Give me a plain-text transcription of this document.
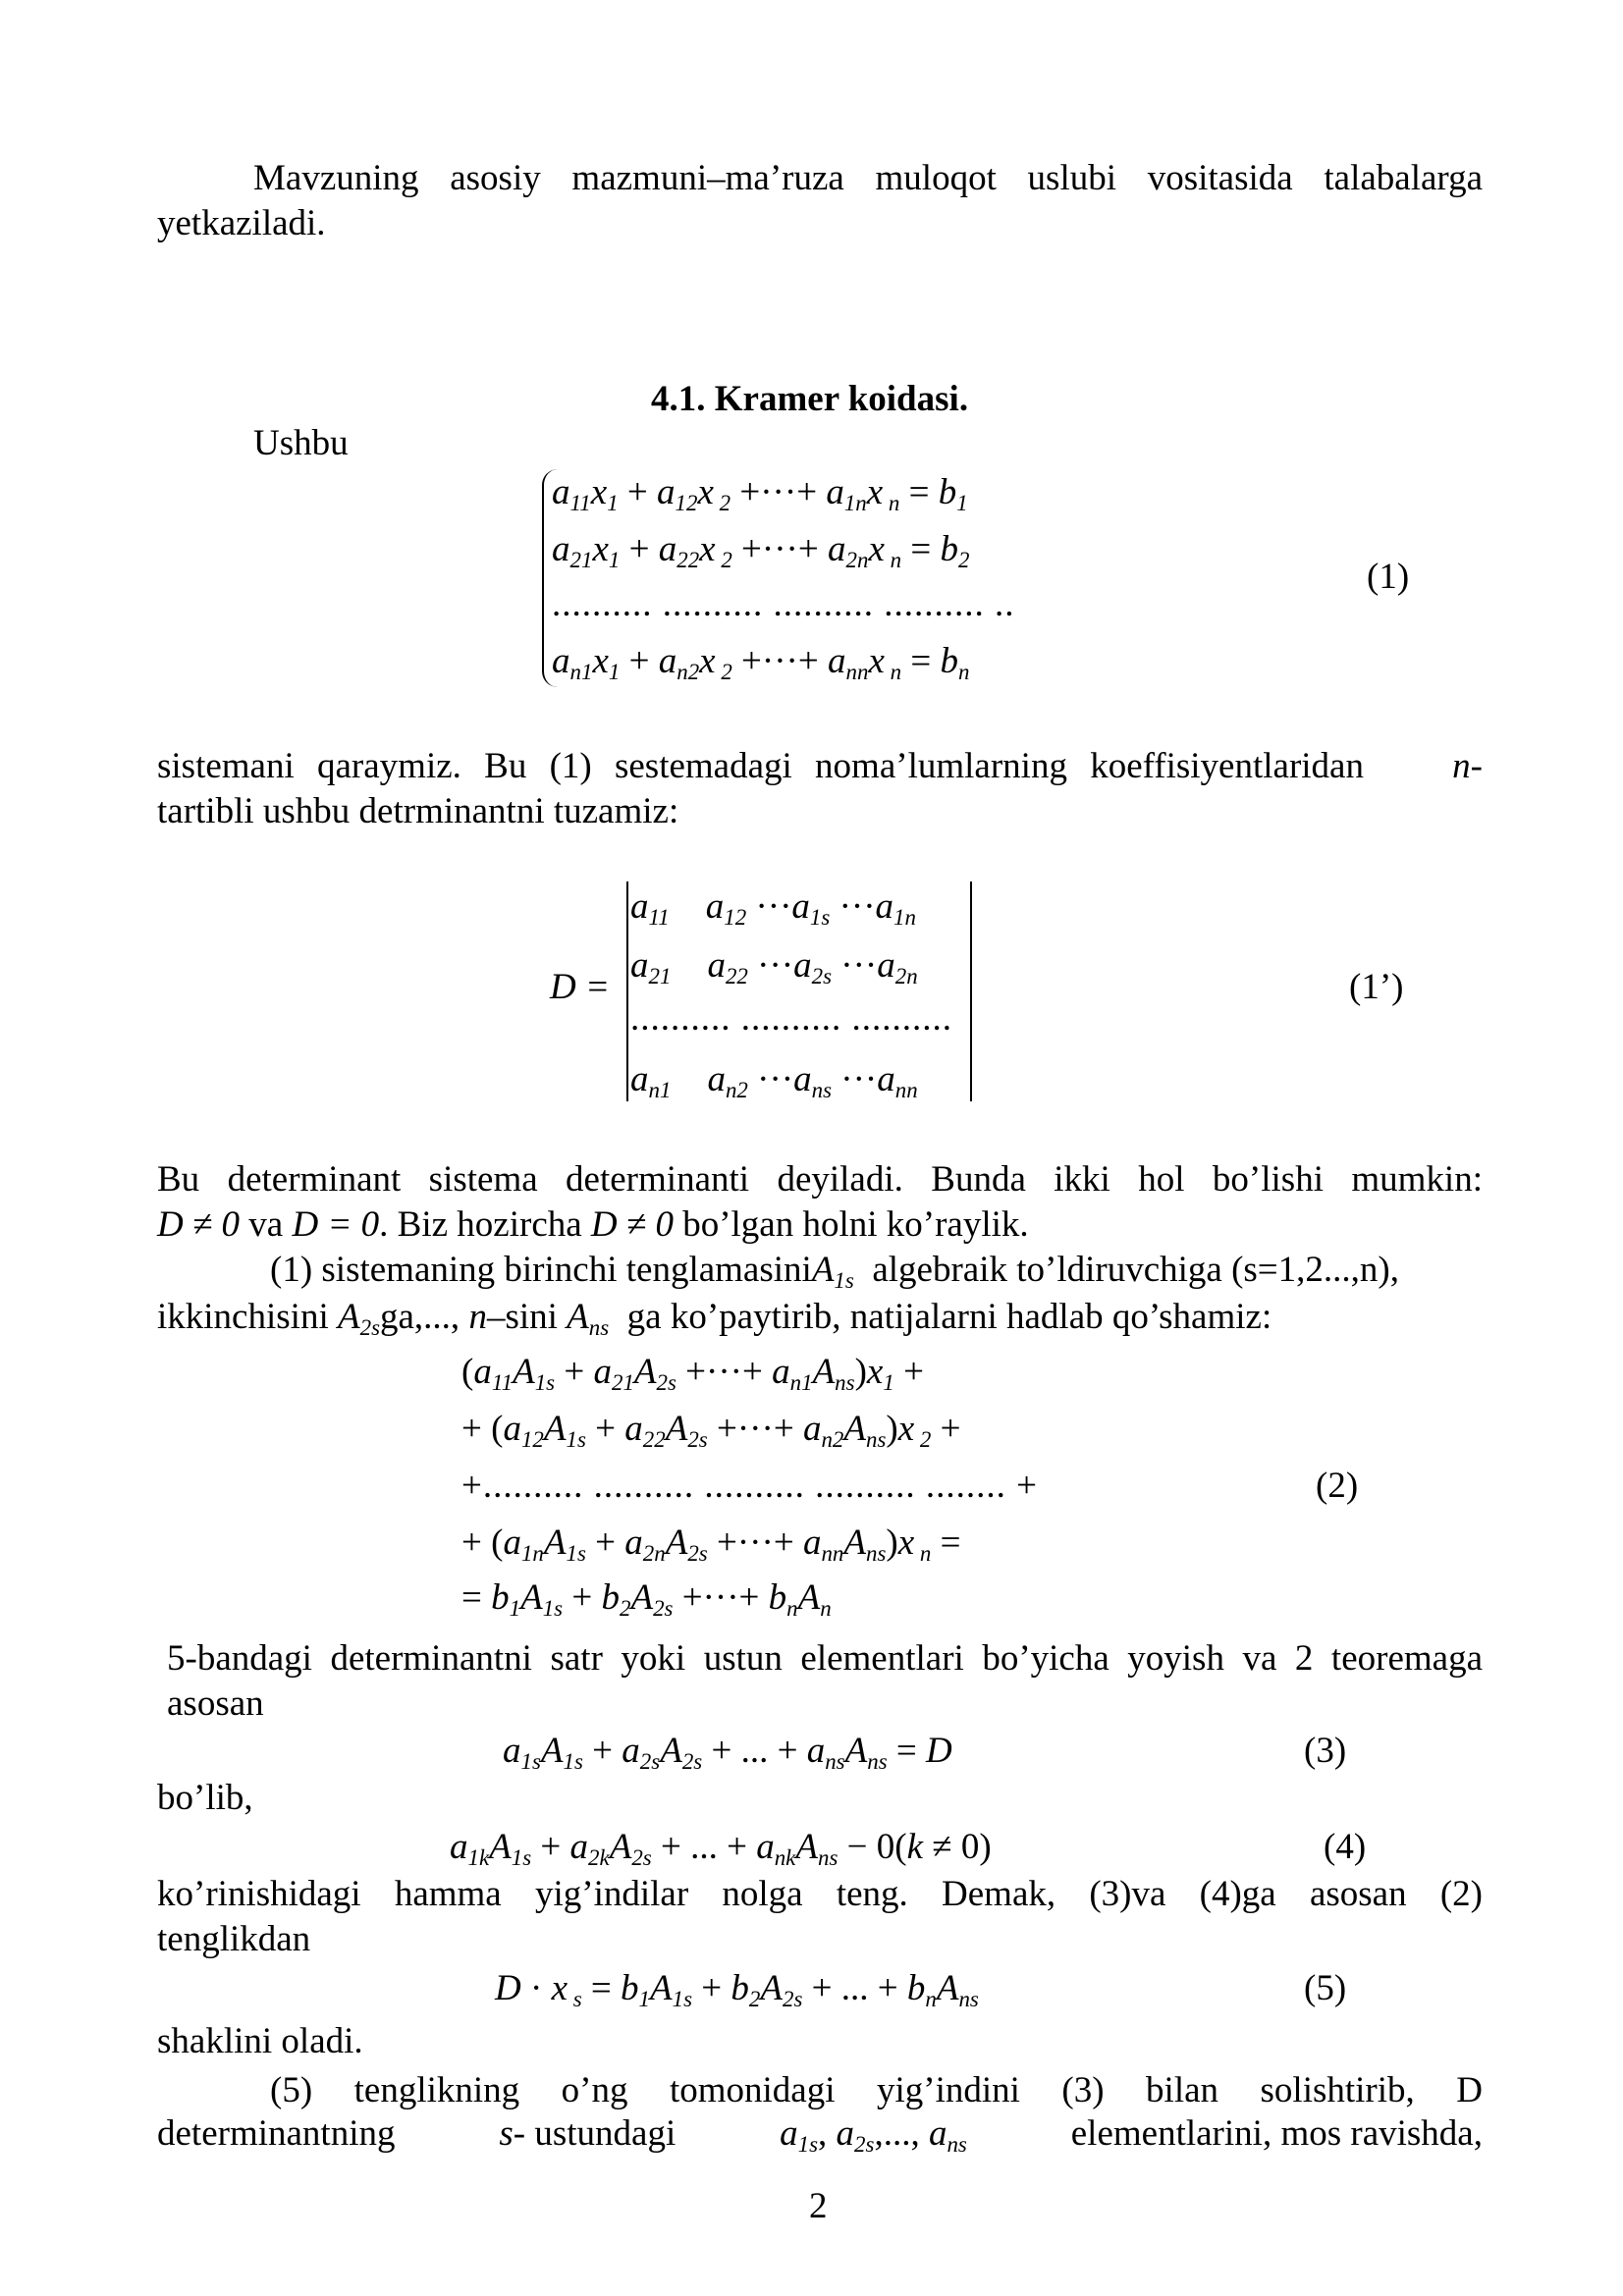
Mavzuning asosiy mazmuni–ma’ruza muloqot uslubi vositasida talabalarga
yetkaziladi.
4.1. Kramer koidasi.
Ushbu
$a_{11}x_1 + a_{12}x$ $_2$ +···+ $a_{1n}x$ $_n = b_1$
$a_{21}x_1 + a_{22}x$ $_2$ +···+ $a_{2n}x$ $_n = b_2$
.......... .......... .......... .......... ..
$a_{n1}x_1 + a_{n2}x$ $_2$ +···+ $a_{nn}x$ $_n = b_n$
(1)
sistemani qaraymiz. Bu (1) sestemadagi noma’lumlarning koeffisiyentlaridan n-
tartibli ushbu detrminantni tuzamiz:
D =
$a_{11}$    $a_{12} \cdot\cdot\cdot a_{1s} \cdot\cdot\cdot a_{1n}$
$a_{21}$    $a_{22} \cdot\cdot\cdot a_{2s} \cdot\cdot\cdot a_{2n}$
.......... .......... ..........
$a_{n1}$    $a_{n2} \cdot\cdot\cdot a_{ns} \cdot\cdot\cdot a_{nn}$
(1’)
Bu determinant sistema determinanti deyiladi. Bunda ikki hol bo’lishi mumkin:
D ≠ 0 va D = 0. Biz hozircha D ≠ 0 bo’lgan holni ko’raylik.
(1) sistemaning birinchi tenglamasiniA$_{1s}$ algebraik to’ldiruvchiga (s=1,2...,n),
ikkinchisini $A_{2s}ga$,..., n–sini $A_{ns}$ ga ko’paytirib, natijalarni hadlab qo’shamiz:
($a_{11}A_{1s} + a_{21}A_{2s}$ +···+ $a_{n1}A_{ns})x_1$ +
+ ($a_{12}A_{1s} + a_{22}A_{2s}$ +···+ $a_{n2}A_{ns})x$ $_2$ +
+.......... .......... .......... .......... ........ +
+ ($a_{1n}A_{1s} + a_{2n}A_{2s}$ +···+ $a_{nn}A_{ns})x$ $_n$ =
= $b_1A_{1s} + b_2A_{2s}$ +···+ $b_nA_n$
(2)
5-bandagi determinantni satr yoki ustun elementlari bo’yicha yoyish va 2 teoremaga
asosan
$a_{1s}A_{1s} + a_{2s}A_{2s}$ + ... + $a_{ns}A_{ns} = D$	(3)
bo’lib,
$a_{1k}A_{1s} + a_{2k}A_{2s}$ + ... + $a_{nk}A_{ns} - 0(k \ne 0)$	(4)
ko’rinishidagi hamma yig’indilar nolga teng. Demak, (3)va (4)ga asosan (2)
tenglikdan
D · x $_s = b_1A_{1s} + b_2A_{2s}$ + ... + $b_nA_{ns}$	(5)
shaklini oladi.
(5) tenglikning o’ng tomonidagi yig’indini (3) bilan solishtirib, D
determinantning	s- ustundagi	$a_{1s}$, $a_{2s}$,..., $a_{ns}$	elementlarini, mos ravishda,
2
